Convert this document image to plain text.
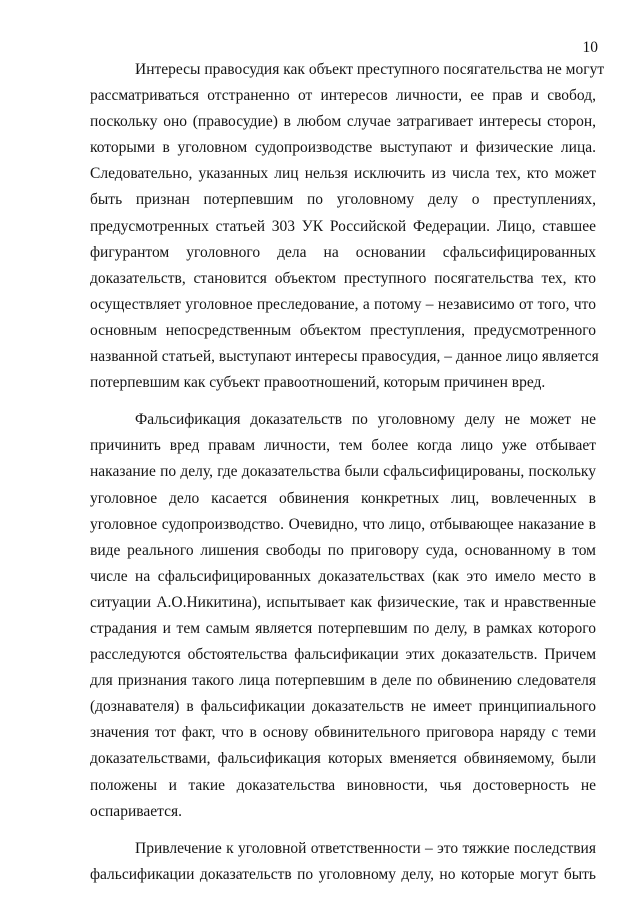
10
Интересы правосудия как объект преступного посягательства не могут
рассматриваться отстраненно от интересов личности, ее прав и свобод,
поскольку оно (правосудие) в любом случае затрагивает интересы сторон,
которыми в уголовном судопроизводстве выступают и физические лица.
Следовательно, указанных лиц нельзя исключить из числа тех, кто может
быть признан потерпевшим по уголовному делу о преступлениях,
предусмотренных статьей 303 УК Российской Федерации. Лицо, ставшее
фигурантом уголовного дела на основании сфальсифицированных
доказательств, становится объектом преступного посягательства тех, кто
осуществляет уголовное преследование, а потому – независимо от того, что
основным непосредственным объектом преступления, предусмотренного
названной статьей, выступают интересы правосудия, – данное лицо является
потерпевшим как субъект правоотношений, которым причинен вред.
Фальсификация доказательств по уголовному делу не может не
причинить вред правам личности, тем более когда лицо уже отбывает
наказание по делу, где доказательства были сфальсифицированы, поскольку
уголовное дело касается обвинения конкретных лиц, вовлеченных в
уголовное судопроизводство. Очевидно, что лицо, отбывающее наказание в
виде реального лишения свободы по приговору суда, основанному в том
числе на сфальсифицированных доказательствах (как это имело место в
ситуации А.О.Никитина), испытывает как физические, так и нравственные
страдания и тем самым является потерпевшим по делу, в рамках которого
расследуются обстоятельства фальсификации этих доказательств. Причем
для признания такого лица потерпевшим в деле по обвинению следователя
(дознавателя) в фальсификации доказательств не имеет принципиального
значения тот факт, что в основу обвинительного приговора наряду с теми
доказательствами, фальсификация которых вменяется обвиняемому, были
положены и такие доказательства виновности, чья достоверность не
оспаривается.
Привлечение к уголовной ответственности – это тяжкие последствия
фальсификации доказательств по уголовному делу, но которые могут быть
